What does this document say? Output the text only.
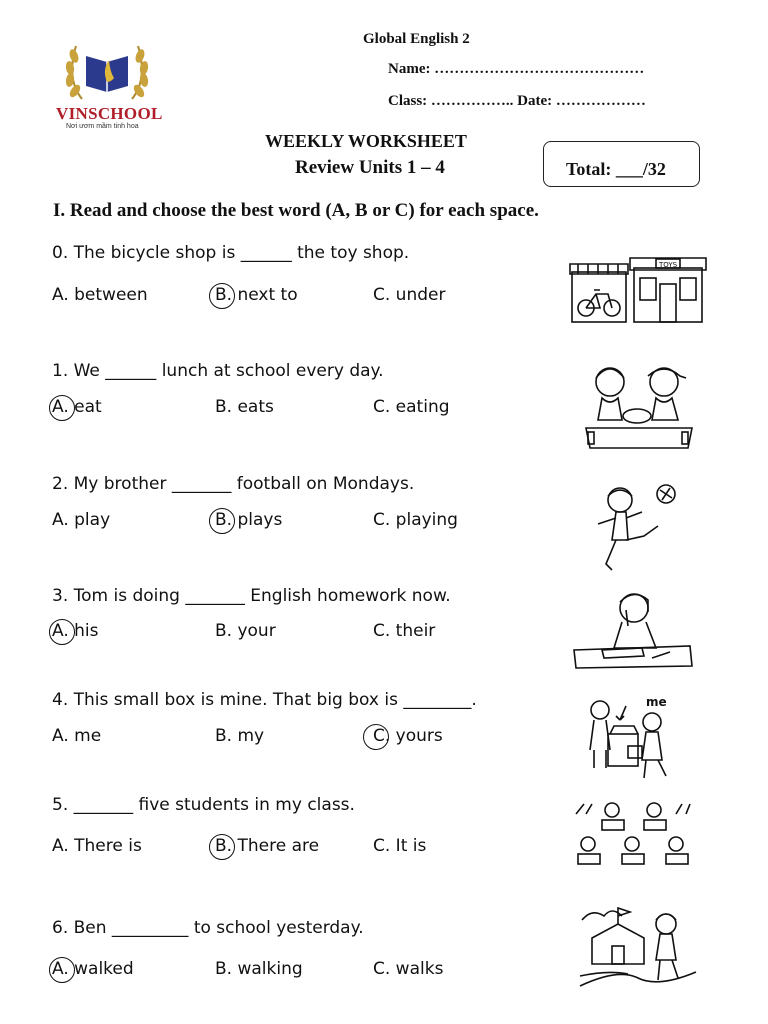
VINSCHOOL
Nơi ươm mầm tinh hoa
Global English 2
Name: ……………………………………
Class: …………….. Date: ………………
WEEKLY WORKSHEET
Review Units 1 – 4	Total: ___/32
I. Read and choose the best word (A, B or C) for each space.
0. The bicycle shop is ______ the toy shop.
A. between	B. next to	C. under
1. We ______ lunch at school every day.
A. eat	B. eats	C. eating
2. My brother _______ football on Mondays.
A. play	B. plays	C. playing
3. Tom is doing _______ English homework now.
A. his	B. your	C. their
4. This small box is mine. That big box is ________.
A. me	B. my	C. yours
5. _______ five students in my class.
A. There is	B. There are	C. It is
6. Ben _________ to school yesterday.
A. walked	B. walking	C. walks
TOYS
me
